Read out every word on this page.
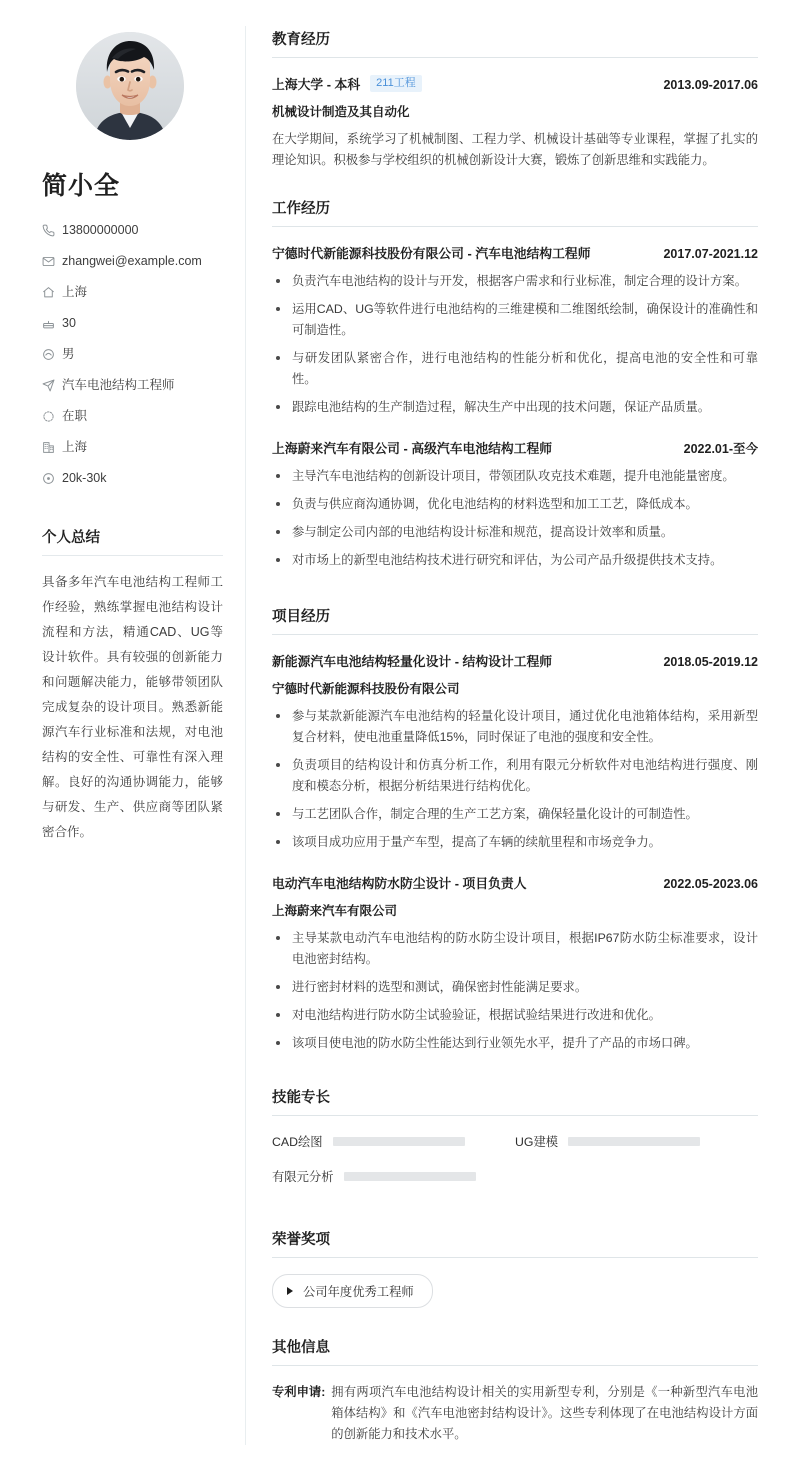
简小全
13800000000
zhangwei@example.com
上海
30
男
汽车电池结构工程师
在职
上海
20k-30k
个人总结
具备多年汽车电池结构工程师工作经验，熟练掌握电池结构设计流程和方法，精通CAD、UG等设计软件。具有较强的创新能力和问题解决能力，能够带领团队完成复杂的设计项目。熟悉新能源汽车行业标准和法规，对电池结构的安全性、可靠性有深入理解。良好的沟通协调能力，能够与研发、生产、供应商等团队紧密合作。
教育经历
上海大学 - 本科	211工程	2013.09-2017.06
机械设计制造及其自动化
在大学期间，系统学习了机械制图、工程力学、机械设计基础等专业课程，掌握了扎实的理论知识。积极参与学校组织的机械创新设计大赛，锻炼了创新思维和实践能力。
工作经历
宁德时代新能源科技股份有限公司 - 汽车电池结构工程师	2017.07-2021.12
负责汽车电池结构的设计与开发，根据客户需求和行业标准，制定合理的设计方案。
运用CAD、UG等软件进行电池结构的三维建模和二维图纸绘制，确保设计的准确性和可制造性。
与研发团队紧密合作，进行电池结构的性能分析和优化，提高电池的安全性和可靠性。
跟踪电池结构的生产制造过程，解决生产中出现的技术问题，保证产品质量。
上海蔚来汽车有限公司 - 高级汽车电池结构工程师	2022.01-至今
主导汽车电池结构的创新设计项目，带领团队攻克技术难题，提升电池能量密度。
负责与供应商沟通协调，优化电池结构的材料选型和加工工艺，降低成本。
参与制定公司内部的电池结构设计标准和规范，提高设计效率和质量。
对市场上的新型电池结构技术进行研究和评估，为公司产品升级提供技术支持。
项目经历
新能源汽车电池结构轻量化设计 - 结构设计工程师	2018.05-2019.12
宁德时代新能源科技股份有限公司
参与某款新能源汽车电池结构的轻量化设计项目，通过优化电池箱体结构，采用新型复合材料，使电池重量降低15%，同时保证了电池的强度和安全性。
负责项目的结构设计和仿真分析工作，利用有限元分析软件对电池结构进行强度、刚度和模态分析，根据分析结果进行结构优化。
与工艺团队合作，制定合理的生产工艺方案，确保轻量化设计的可制造性。
该项目成功应用于量产车型，提高了车辆的续航里程和市场竞争力。
电动汽车电池结构防水防尘设计 - 项目负责人	2022.05-2023.06
上海蔚来汽车有限公司
主导某款电动汽车电池结构的防水防尘设计项目，根据IP67防水防尘标准要求，设计电池密封结构。
进行密封材料的选型和测试，确保密封性能满足要求。
对电池结构进行防水防尘试验验证，根据试验结果进行改进和优化。
该项目使电池的防水防尘性能达到行业领先水平，提升了产品的市场口碑。
技能专长
CAD绘图	UG建模
有限元分析
荣誉奖项
公司年度优秀工程师
其他信息
专利申请: 拥有两项汽车电池结构设计相关的实用新型专利，分别是《一种新型汽车电池箱体结构》和《汽车电池密封结构设计》。这些专利体现了在电池结构设计方面的创新能力和技术水平。
